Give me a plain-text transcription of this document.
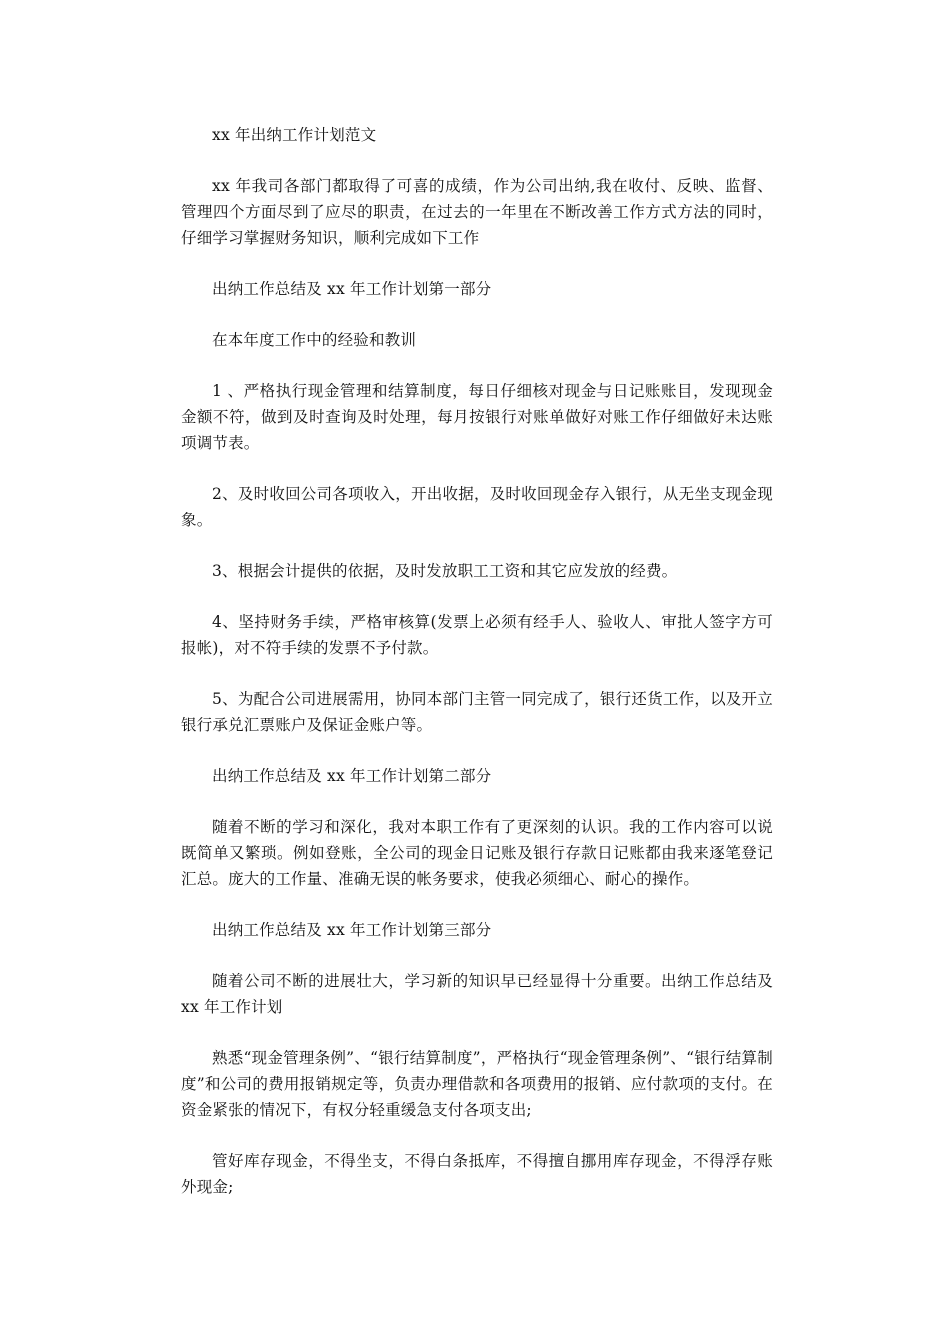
xx 年出纳工作计划范文

xx 年我司各部门都取得了可喜的成绩，作为公司出纳,我在收付、反映、监督、管理四个方面尽到了应尽的职责，在过去的一年里在不断改善工作方式方法的同时，仔细学习掌握财务知识，顺利完成如下工作

出纳工作总结及 xx 年工作计划第一部分

在本年度工作中的经验和教训

1 、严格执行现金管理和结算制度，每日仔细核对现金与日记账账目，发现现金金额不符，做到及时查询及时处理，每月按银行对账单做好对账工作仔细做好未达账项调节表。

2、及时收回公司各项收入，开出收据，及时收回现金存入银行，从无坐支现金现象。

3、根据会计提供的依据，及时发放职工工资和其它应发放的经费。

4、坚持财务手续，严格审核算(发票上必须有经手人、验收人、审批人签字方可报帐)，对不符手续的发票不予付款。

5、为配合公司进展需用，协同本部门主管一同完成了，银行还货工作，以及开立银行承兑汇票账户及保证金账户等。

出纳工作总结及 xx 年工作计划第二部分

随着不断的学习和深化，我对本职工作有了更深刻的认识。我的工作内容可以说既简单又繁琐。例如登账，全公司的现金日记账及银行存款日记账都由我来逐笔登记汇总。庞大的工作量、准确无误的帐务要求，使我必须细心、耐心的操作。

出纳工作总结及 xx 年工作计划第三部分

随着公司不断的进展壮大，学习新的知识早已经显得十分重要。出纳工作总结及 xx 年工作计划

熟悉“现金管理条例”、“银行结算制度”，严格执行“现金管理条例”、“银行结算制度”和公司的费用报销规定等，负责办理借款和各项费用的报销、应付款项的支付。在资金紧张的情况下，有权分轻重缓急支付各项支出;

管好库存现金，不得坐支，不得白条抵库，不得擅自挪用库存现金，不得浮存账外现金;
